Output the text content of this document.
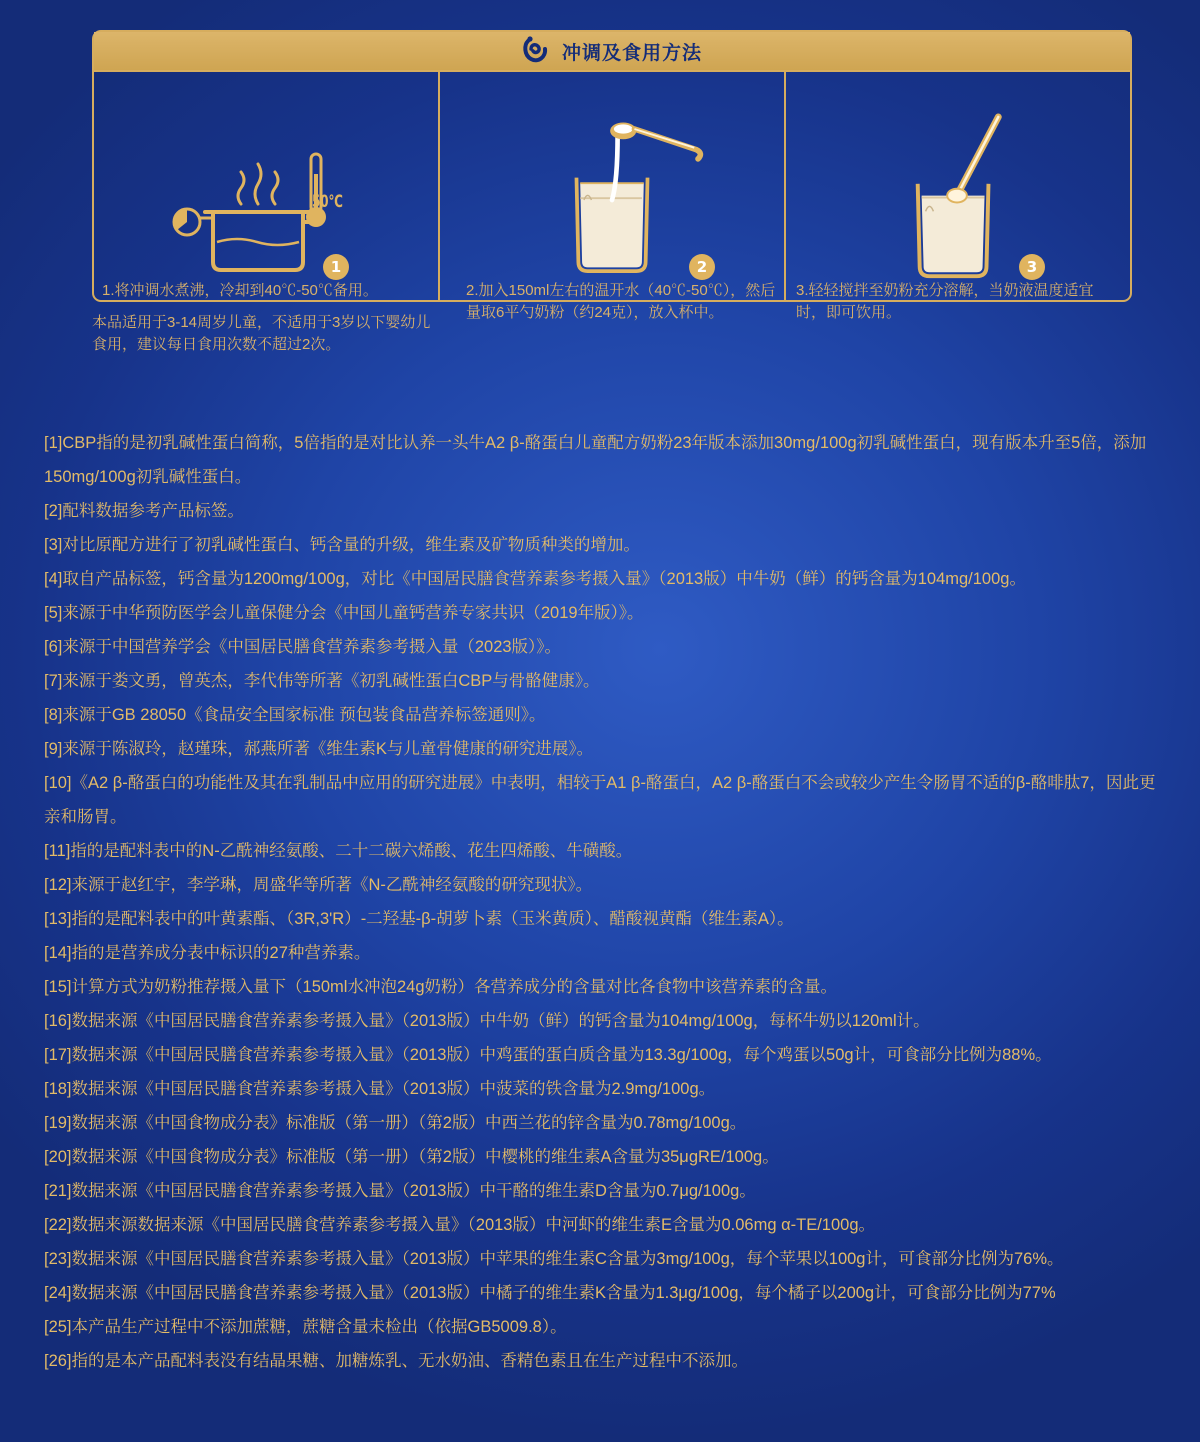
冲调及食用方法
50℃
1
1.将冲调水煮沸，冷却到40℃-50℃备用。
2
2.加入150ml左右的温开水（40℃-50℃），然后量取6平勺奶粉（约24克），放入杯中。
3
3.轻轻搅拌至奶粉充分溶解，当奶液温度适宜时，即可饮用。
本品适用于3-14周岁儿童，不适用于3岁以下婴幼儿食用，建议每日食用次数不超过2次。
[1]CBP指的是初乳碱性蛋白简称，5倍指的是对比认养一头牛A2 β-酪蛋白儿童配方奶粉23年版本添加30mg/100g初乳碱性蛋白，现有版本升至5倍，添加150mg/100g初乳碱性蛋白。
[2]配料数据参考产品标签。
[3]对比原配方进行了初乳碱性蛋白、钙含量的升级，维生素及矿物质种类的增加。
[4]取自产品标签，钙含量为1200mg/100g，对比《中国居民膳食营养素参考摄入量》（2013版）中牛奶（鲜）的钙含量为104mg/100g。
[5]来源于中华预防医学会儿童保健分会《中国儿童钙营养专家共识（2019年版）》。
[6]来源于中国营养学会《中国居民膳食营养素参考摄入量（2023版）》。
[7]来源于娄文勇，曾英杰，李代伟等所著《初乳碱性蛋白CBP与骨骼健康》。
[8]来源于GB 28050《食品安全国家标准 预包装食品营养标签通则》。
[9]来源于陈淑玲，赵瑾珠，郝燕所著《维生素K与儿童骨健康的研究进展》。
[10]《A2 β-酪蛋白的功能性及其在乳制品中应用的研究进展》中表明，相较于A1 β-酪蛋白，A2 β-酪蛋白不会或较少产生令肠胃不适的β-酪啡肽7，因此更亲和肠胃。
[11]指的是配料表中的N-乙酰神经氨酸、二十二碳六烯酸、花生四烯酸、牛磺酸。
[12]来源于赵红宇，李学琳，周盛华等所著《N-乙酰神经氨酸的研究现状》。
[13]指的是配料表中的叶黄素酯、（3R,3'R）-二羟基-β-胡萝卜素（玉米黄质）、醋酸视黄酯（维生素A）。
[14]指的是营养成分表中标识的27种营养素。
[15]计算方式为奶粉推荐摄入量下（150ml水冲泡24g奶粉）各营养成分的含量对比各食物中该营养素的含量。
[16]数据来源《中国居民膳食营养素参考摄入量》（2013版）中牛奶（鲜）的钙含量为104mg/100g，每杯牛奶以120ml计。
[17]数据来源《中国居民膳食营养素参考摄入量》（2013版）中鸡蛋的蛋白质含量为13.3g/100g，每个鸡蛋以50g计，可食部分比例为88%。
[18]数据来源《中国居民膳食营养素参考摄入量》（2013版）中菠菜的铁含量为2.9mg/100g。
[19]数据来源《中国食物成分表》标准版（第一册）（第2版）中西兰花的锌含量为0.78mg/100g。
[20]数据来源《中国食物成分表》标准版（第一册）（第2版）中樱桃的维生素A含量为35μgRE/100g。
[21]数据来源《中国居民膳食营养素参考摄入量》（2013版）中干酪的维生素D含量为0.7μg/100g。
[22]数据来源数据来源《中国居民膳食营养素参考摄入量》（2013版）中河虾的维生素E含量为0.06mg α-TE/100g。
[23]数据来源《中国居民膳食营养素参考摄入量》（2013版）中苹果的维生素C含量为3mg/100g，每个苹果以100g计，可食部分比例为76%。
[24]数据来源《中国居民膳食营养素参考摄入量》（2013版）中橘子的维生素K含量为1.3μg/100g，每个橘子以200g计，可食部分比例为77%
[25]本产品生产过程中不添加蔗糖，蔗糖含量未检出（依据GB5009.8）。
[26]指的是本产品配料表没有结晶果糖、加糖炼乳、无水奶油、香精色素且在生产过程中不添加。
